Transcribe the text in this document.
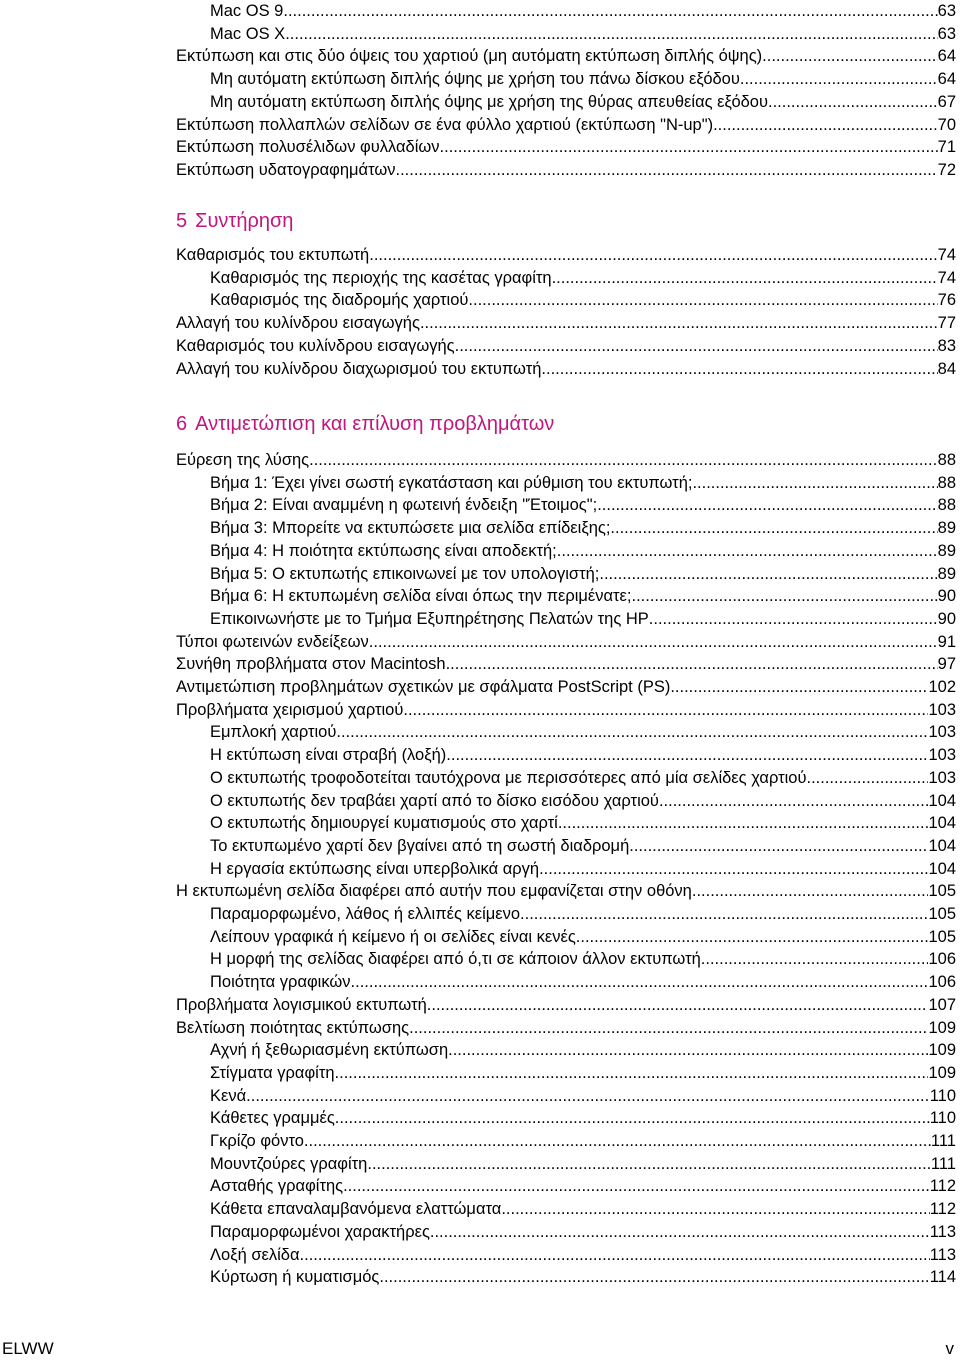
Mac OS 9 .....	63
Mac OS X .....	63
Εκτύπωση και στις δύο όψεις του χαρτιού (μη αυτόματη εκτύπωση διπλής όψης) .....	64
Μη αυτόματη εκτύπωση διπλής όψης με χρήση του πάνω δίσκου εξόδου .....	64
Μη αυτόματη εκτύπωση διπλής όψης με χρήση της θύρας απευθείας εξόδου .....	67
Εκτύπωση πολλαπλών σελίδων σε ένα φύλλο χαρτιού (εκτύπωση "N-up") .....	70
Εκτύπωση πολυσέλιδων φυλλαδίων .....	71
Εκτύπωση υδατογραφημάτων .....	72
5 Συντήρηση
Καθαρισμός του εκτυπωτή .....	74
Καθαρισμός της περιοχής της κασέτας γραφίτη .....	74
Καθαρισμός της διαδρομής χαρτιού .....	76
Αλλαγή του κυλίνδρου εισαγωγής .....	77
Καθαρισμός του κυλίνδρου εισαγωγής .....	83
Αλλαγή του κυλίνδρου διαχωρισμού του εκτυπωτή .....	84
6 Αντιμετώπιση και επίλυση προβλημάτων
Εύρεση της λύσης .....	88
Βήμα 1: Έχει γίνει σωστή εγκατάσταση και ρύθμιση του εκτυπωτή; .....	88
Βήμα 2: Είναι αναμμένη η φωτεινή ένδειξη "Έτοιμος"; .....	88
Βήμα 3: Μπορείτε να εκτυπώσετε μια σελίδα επίδειξης; .....	89
Βήμα 4: Η ποιότητα εκτύπωσης είναι αποδεκτή; .....	89
Βήμα 5: Ο εκτυπωτής επικοινωνεί με τον υπολογιστή; .....	89
Βήμα 6: Η εκτυπωμένη σελίδα είναι όπως την περιμένατε; .....	90
Επικοινωνήστε με το Τμήμα Εξυπηρέτησης Πελατών της HP .....	90
Τύποι φωτεινών ενδείξεων .....	91
Συνήθη προβλήματα στον Macintosh .....	97
Αντιμετώπιση προβλημάτων σχετικών με σφάλματα PostScript (PS) .....	102
Προβλήματα χειρισμού χαρτιού .....	103
Εμπλοκή χαρτιού .....	103
Η εκτύπωση είναι στραβή (λοξή) .....	103
Ο εκτυπωτής τροφοδοτείται ταυτόχρονα με περισσότερες από μία σελίδες χαρτιού .....	103
Ο εκτυπωτής δεν τραβάει χαρτί από το δίσκο εισόδου χαρτιού .....	104
Ο εκτυπωτής δημιουργεί κυματισμούς στο χαρτί .....	104
Το εκτυπωμένο χαρτί δεν βγαίνει από τη σωστή διαδρομή .....	104
Η εργασία εκτύπωσης είναι υπερβολικά αργή .....	104
Η εκτυπωμένη σελίδα διαφέρει από αυτήν που εμφανίζεται στην οθόνη .....	105
Παραμορφωμένο, λάθος ή ελλιπές κείμενο .....	105
Λείπουν γραφικά ή κείμενο ή οι σελίδες είναι κενές. .....	105
Η μορφή της σελίδας διαφέρει από ό,τι σε κάποιον άλλον εκτυπωτή. .....	106
Ποιότητα γραφικών .....	106
Προβλήματα λογισμικού εκτυπωτή .....	107
Βελτίωση ποιότητας εκτύπωσης .....	109
Αχνή ή ξεθωριασμένη εκτύπωση .....	109
Στίγματα γραφίτη .....	109
Κενά .....	110
Κάθετες γραμμές .....	110
Γκρίζο φόντο .....	111
Μουντζούρες γραφίτη .....	111
Ασταθής γραφίτης .....	112
Κάθετα επαναλαμβανόμενα ελαττώματα .....	112
Παραμορφωμένοι χαρακτήρες .....	113
Λοξή σελίδα .....	113
Κύρτωση ή κυματισμός .....	114
ELWW	v
